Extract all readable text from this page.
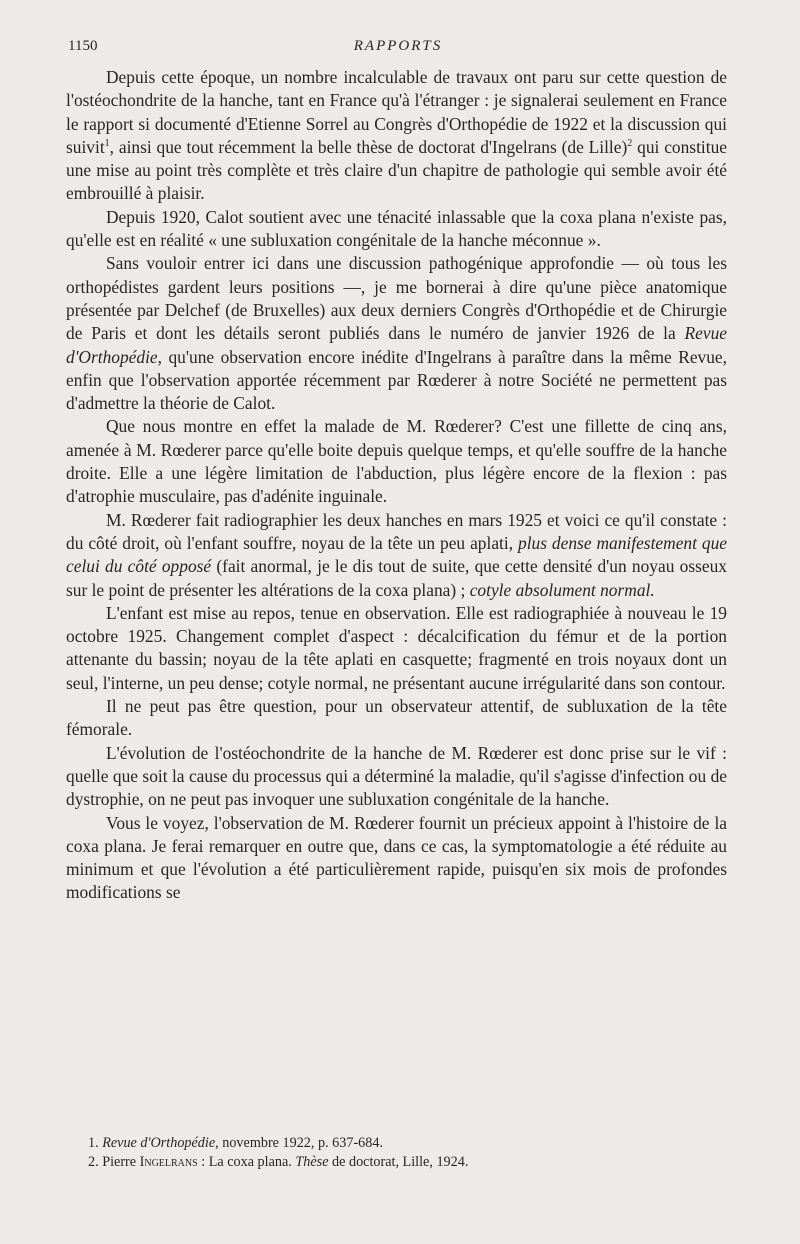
1150	RAPPORTS

Depuis cette époque, un nombre incalculable de travaux ont paru sur cette question de l'ostéochondrite de la hanche, tant en France qu'à l'étranger : je signalerai seulement en France le rapport si documenté d'Etienne Sorrel au Congrès d'Orthopédie de 1922 et la discussion qui suivit$^1$, ainsi que tout récemment la belle thèse de doctorat d'Ingelrans (de Lille)$^2$ qui constitue une mise au point très complète et très claire d'un chapitre de pathologie qui semble avoir été embrouillé à plaisir.

Depuis 1920, Calot soutient avec une ténacité inlassable que la coxa plana n'existe pas, qu'elle est en réalité « une subluxation congénitale de la hanche méconnue ».

Sans vouloir entrer ici dans une discussion pathogénique approfondie — où tous les orthopédistes gardent leurs positions —, je me bornerai à dire qu'une pièce anatomique présentée par Delchef (de Bruxelles) aux deux derniers Congrès d'Orthopédie et de Chirurgie de Paris et dont les détails seront publiés dans le numéro de janvier 1926 de la Revue d'Orthopédie, qu'une observation encore inédite d'Ingelrans à paraître dans la même Revue, enfin que l'observation apportée récemment par Rœderer à notre Société ne permettent pas d'admettre la théorie de Calot.

Que nous montre en effet la malade de M. Rœderer? C'est une fillette de cinq ans, amenée à M. Rœderer parce qu'elle boite depuis quelque temps, et qu'elle souffre de la hanche droite. Elle a une légère limitation de l'abduction, plus légère encore de la flexion : pas d'atrophie musculaire, pas d'adénite inguinale.

M. Rœderer fait radiographier les deux hanches en mars 1925 et voici ce qu'il constate : du côté droit, où l'enfant souffre, noyau de la tête un peu aplati, plus dense manifestement que celui du côté opposé (fait anormal, je le dis tout de suite, que cette densité d'un noyau osseux sur le point de présenter les altérations de la coxa plana) ; cotyle absolument normal.

L'enfant est mise au repos, tenue en observation. Elle est radiographiée à nouveau le 19 octobre 1925. Changement complet d'aspect : décalcification du fémur et de la portion attenante du bassin; noyau de la tête aplati en casquette; fragmenté en trois noyaux dont un seul, l'interne, un peu dense; cotyle normal, ne présentant aucune irrégularité dans son contour.

Il ne peut pas être question, pour un observateur attentif, de subluxation de la tête fémorale.

L'évolution de l'ostéochondrite de la hanche de M. Rœderer est donc prise sur le vif : quelle que soit la cause du processus qui a déterminé la maladie, qu'il s'agisse d'infection ou de dystrophie, on ne peut pas invoquer une subluxation congénitale de la hanche.

Vous le voyez, l'observation de M. Rœderer fournit un précieux appoint à l'histoire de la coxa plana. Je ferai remarquer en outre que, dans ce cas, la symptomatologie a été réduite au minimum et que l'évolution a été particulièrement rapide, puisqu'en six mois de profondes modifications se

1. Revue d'Orthopédie, novembre 1922, p. 637-684.
2. Pierre Ingelrans : La coxa plana. Thèse de doctorat, Lille, 1924.
